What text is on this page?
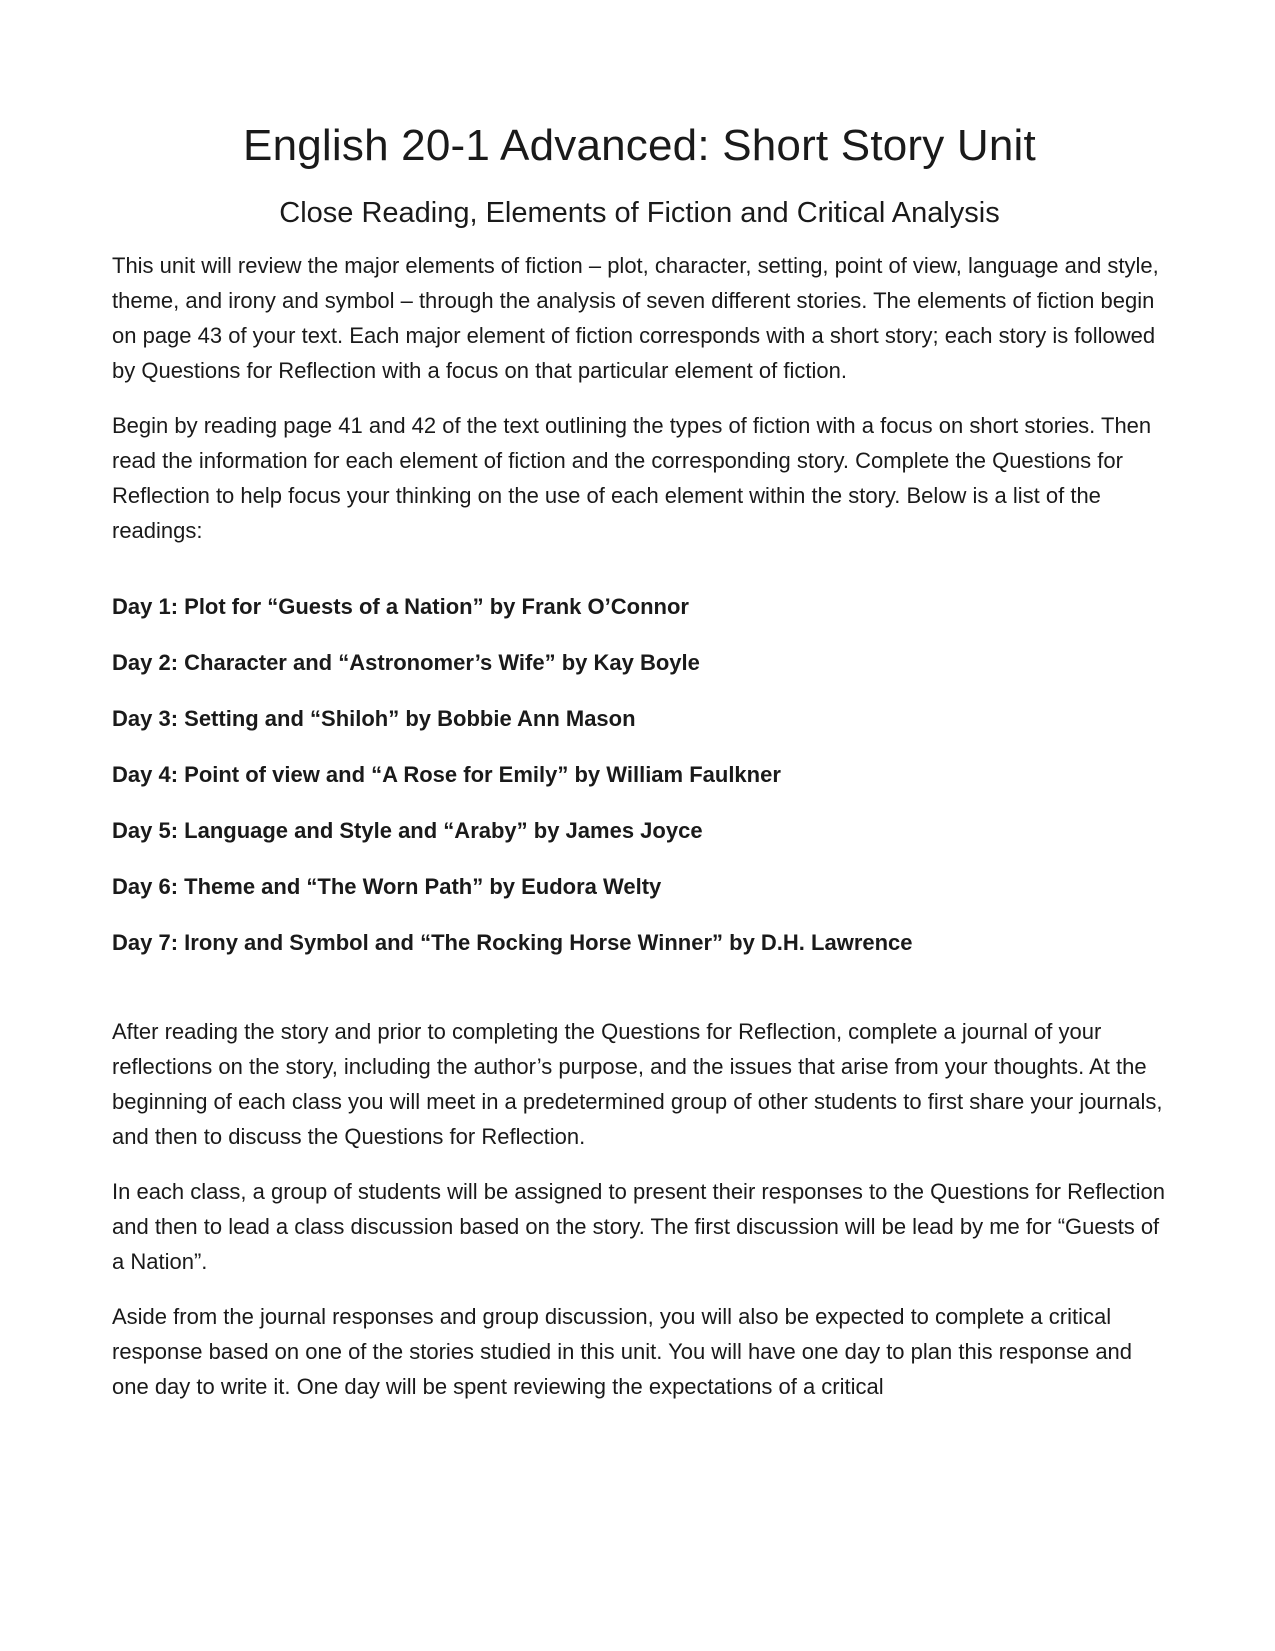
English 20-1 Advanced: Short Story Unit
Close Reading, Elements of Fiction and Critical Analysis

This unit will review the major elements of fiction – plot, character, setting, point of view, language and style, theme, and irony and symbol – through the analysis of seven different stories. The elements of fiction begin on page 43 of your text. Each major element of fiction corresponds with a short story; each story is followed by Questions for Reflection with a focus on that particular element of fiction.

Begin by reading page 41 and 42 of the text outlining the types of fiction with a focus on short stories. Then read the information for each element of fiction and the corresponding story. Complete the Questions for Reflection to help focus your thinking on the use of each element within the story. Below is a list of the readings:

Day 1: Plot for “Guests of a Nation” by Frank O’Connor
Day 2: Character and “Astronomer’s Wife” by Kay Boyle
Day 3: Setting and “Shiloh” by Bobbie Ann Mason
Day 4: Point of view and “A Rose for Emily” by William Faulkner
Day 5: Language and Style and “Araby” by James Joyce
Day 6: Theme and “The Worn Path” by Eudora Welty
Day 7: Irony and Symbol and “The Rocking Horse Winner” by D.H. Lawrence

After reading the story and prior to completing the Questions for Reflection, complete a journal of your reflections on the story, including the author’s purpose, and the issues that arise from your thoughts. At the beginning of each class you will meet in a predetermined group of other students to first share your journals, and then to discuss the Questions for Reflection.

In each class, a group of students will be assigned to present their responses to the Questions for Reflection and then to lead a class discussion based on the story. The first discussion will be lead by me for “Guests of a Nation”.

Aside from the journal responses and group discussion, you will also be expected to complete a critical response based on one of the stories studied in this unit. You will have one day to plan this response and one day to write it. One day will be spent reviewing the expectations of a critical
